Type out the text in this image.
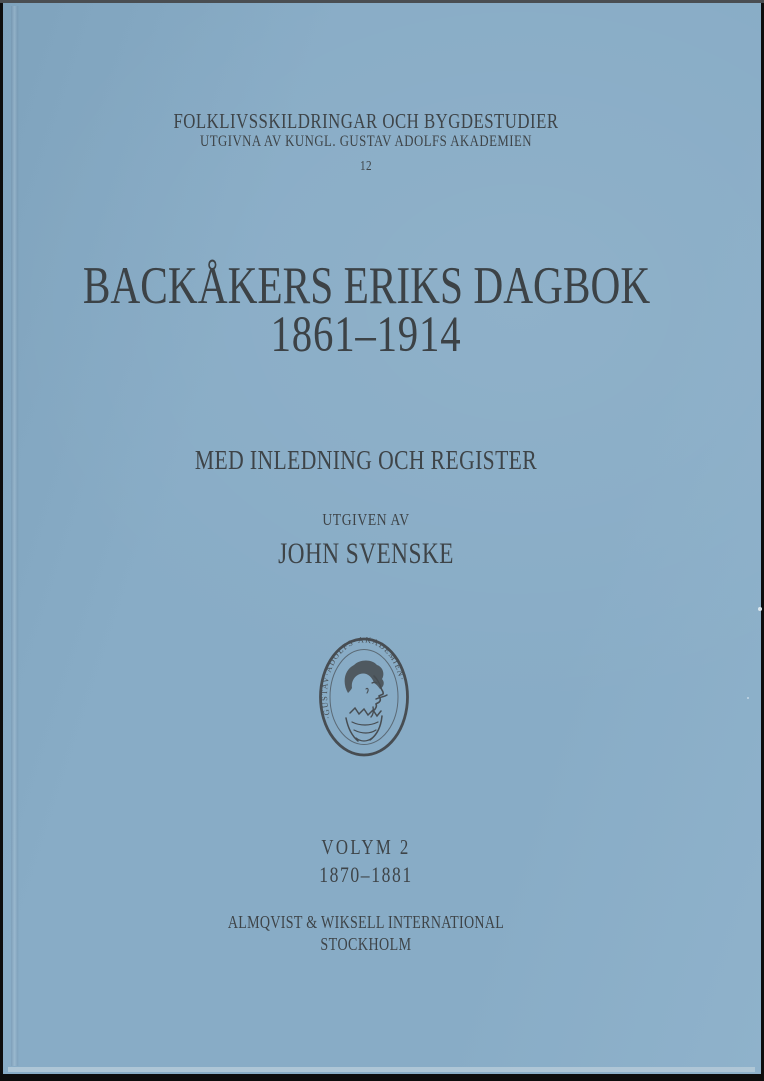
FOLKLIVSSKILDRINGAR OCH BYGDESTUDIER
UTGIVNA AV KUNGL. GUSTAV ADOLFS AKADEMIEN
12
BACKÅKERS ERIKS DAGBOK
1861–1914
MED INLEDNING OCH REGISTER
UTGIVEN AV
JOHN SVENSKE
·GUSTAV·ADOLFS·AKADEMIEN·
VOLYM 2
1870–1881
ALMQVIST & WIKSELL INTERNATIONAL
STOCKHOLM
